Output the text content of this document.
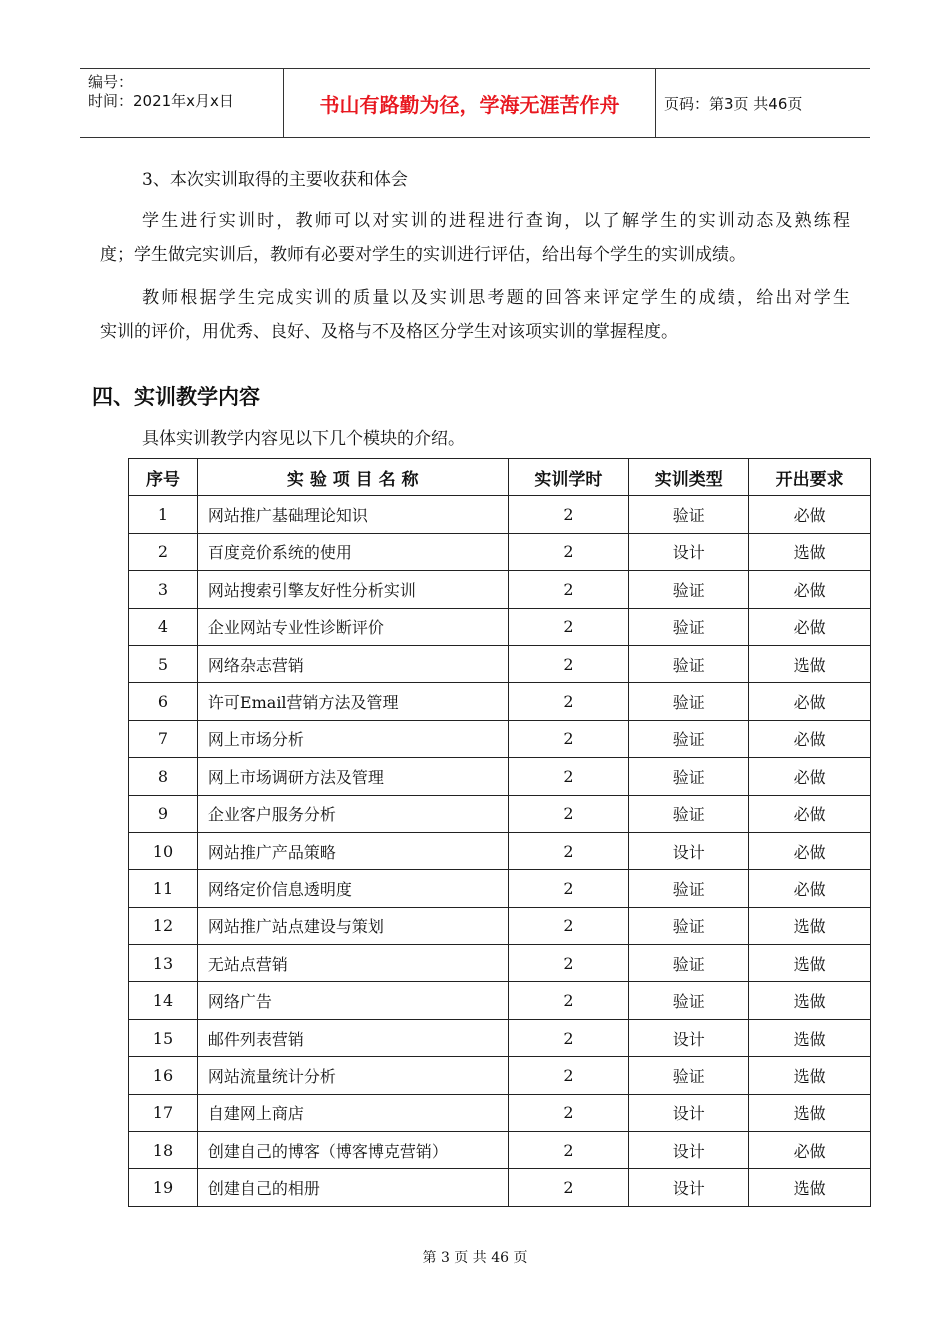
编号：
时间：2021年x月x日	书山有路勤为径，学海无涯苦作舟	页码：第3页 共46页
3、本次实训取得的主要收获和体会
学生进行实训时，教师可以对实训的进程进行查询，以了解学生的实训动态及熟练程
度；学生做完实训后，教师有必要对学生的实训进行评估，给出每个学生的实训成绩。
教师根据学生完成实训的质量以及实训思考题的回答来评定学生的成绩，给出对学生
实训的评价，用优秀、良好、及格与不及格区分学生对该项实训的掌握程度。
四、实训教学内容
具体实训教学内容见以下几个模块的介绍。
序号	实 验 项 目 名 称	实训学时	实训类型	开出要求
1	网站推广基础理论知识	2	验证	必做
2	百度竞价系统的使用	2	设计	选做
3	网站搜索引擎友好性分析实训	2	验证	必做
4	企业网站专业性诊断评价	2	验证	必做
5	网络杂志营销	2	验证	选做
6	许可Email营销方法及管理	2	验证	必做
7	网上市场分析	2	验证	必做
8	网上市场调研方法及管理	2	验证	必做
9	企业客户服务分析	2	验证	必做
10	网站推广产品策略	2	设计	必做
11	网络定价信息透明度	2	验证	必做
12	网站推广站点建设与策划	2	验证	选做
13	无站点营销	2	验证	选做
14	网络广告	2	验证	选做
15	邮件列表营销	2	设计	选做
16	网站流量统计分析	2	验证	选做
17	自建网上商店	2	设计	选做
18	创建自己的博客（博客博克营销）	2	设计	必做
19	创建自己的相册	2	设计	选做
第 3 页 共 46 页
